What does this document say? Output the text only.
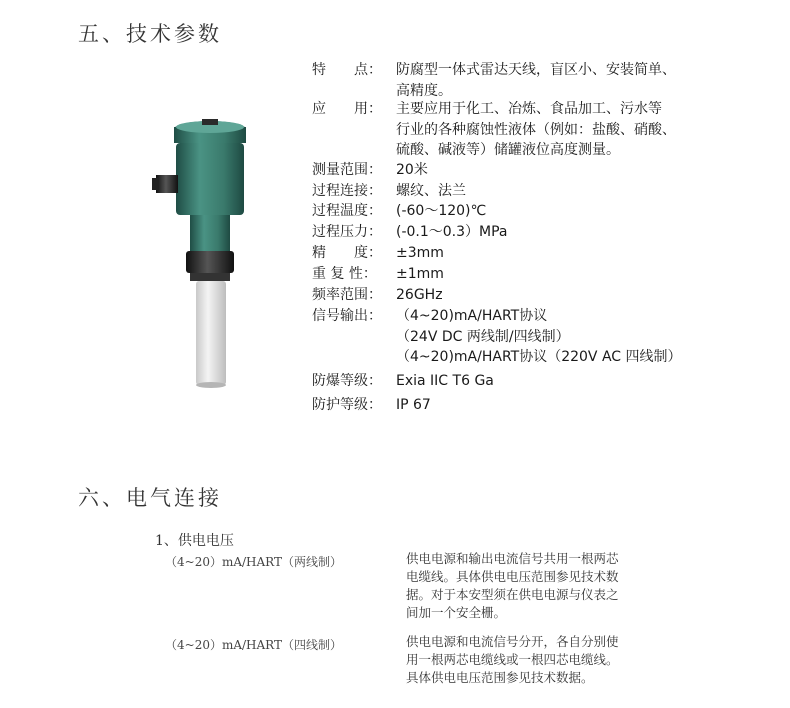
五、技术参数
特　　点：	防腐型一体式雷达天线，盲区小、安装简单、
高精度。
应　　用：	主要应用于化工、冶炼、食品加工、污水等
行业的各种腐蚀性液体（例如：盐酸、硝酸、
硫酸、碱液等）储罐液位高度测量。
测量范围：	20米
过程连接：	螺纹、法兰
过程温度：	(-60～120)℃
过程压力：	(-0.1～0.3）MPa
精　　度：	±3mm
重 复 性：	±1mm
频率范围：	26GHz
信号输出：	（4~20)mA/HART协议
（24V DC 两线制/四线制）
（4~20)mA/HART协议（220V AC 四线制）
防爆等级：	Exia IIC T6 Ga
防护等级：	IP 67
六、电气连接
1、供电电压
（4~20）mA/HART（两线制）	供电电源和输出电流信号共用一根两芯
电缆线。具体供电电压范围参见技术数
据。对于本安型须在供电电源与仪表之
间加一个安全栅。
（4~20）mA/HART（四线制）	供电电源和电流信号分开，各自分别使
用一根两芯电缆线或一根四芯电缆线。
具体供电电压范围参见技术数据。
